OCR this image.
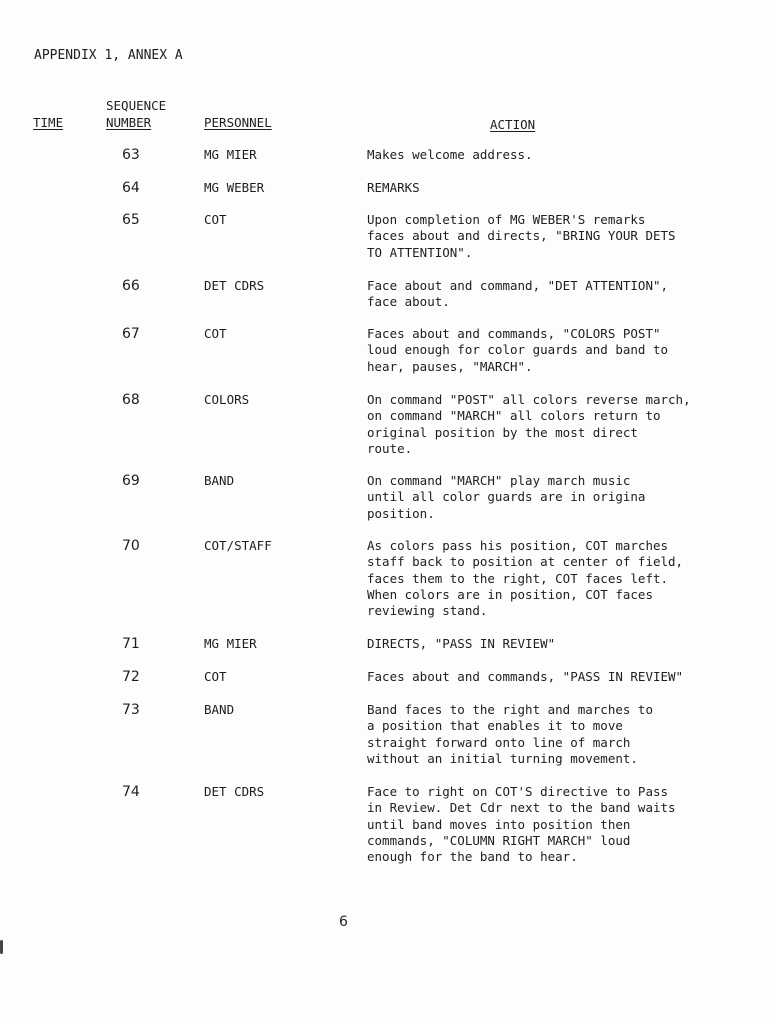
APPENDIX 1, ANNEX A
TIME
SEQUENCE
NUMBER	PERSONNEL	ACTION
63	MG MIER	Makes welcome address.
64	MG WEBER	REMARKS
65	COT	Upon completion of MG WEBER'S remarks
faces about and directs, "BRING YOUR DETS
TO ATTENTION".
66	DET CDRS	Face about and command, "DET ATTENTION",
face about.
67	COT	Faces about and commands, "COLORS POST"
loud enough for color guards and band to
hear, pauses, "MARCH".
68	COLORS	On command "POST" all colors reverse march,
on command "MARCH" all colors return to
original position by the most direct
route.
69	BAND	On command "MARCH" play march music
until all color guards are in origina
position.
70	COT/STAFF	As colors pass his position, COT marches
staff back to position at center of field,
faces them to the right, COT faces left.
When colors are in position, COT faces
reviewing stand.
71	MG MIER	DIRECTS, "PASS IN REVIEW"
72	COT	Faces about and commands, "PASS IN REVIEW"
73	BAND	Band faces to the right and marches to
a position that enables it to move
straight forward onto line of march
without an initial turning movement.
74	DET CDRS	Face to right on COT'S directive to Pass
in Review. Det Cdr next to the band waits
until band moves into position then
commands, "COLUMN RIGHT MARCH" loud
enough for the band to hear.
6
